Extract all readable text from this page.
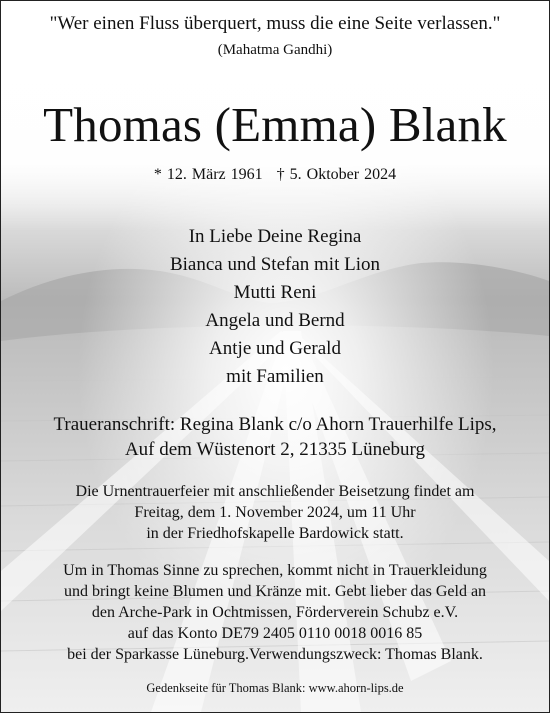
"Wer einen Fluss überquert, muss die eine Seite verlassen."
(Mahatma Gandhi)
Thomas (Emma) Blank
* 12. März 1961 † 5. Oktober 2024
In Liebe Deine Regina
Bianca und Stefan mit Lion
Mutti Reni
Angela und Bernd
Antje und Gerald
mit Familien
Traueranschrift: Regina Blank c/o Ahorn Trauerhilfe Lips,
Auf dem Wüstenort 2, 21335 Lüneburg
Die Urnentrauerfeier mit anschließender Beisetzung findet am
Freitag, dem 1. November 2024, um 11 Uhr
in der Friedhofskapelle Bardowick statt.
Um in Thomas Sinne zu sprechen, kommt nicht in Trauerkleidung
und bringt keine Blumen und Kränze mit. Gebt lieber das Geld an
den Arche-Park in Ochtmissen, Förderverein Schubz e.V.
auf das Konto DE79 2405 0110 0018 0016 85
bei der Sparkasse Lüneburg.Verwendungszweck: Thomas Blank.
Gedenkseite für Thomas Blank: www.ahorn-lips.de
